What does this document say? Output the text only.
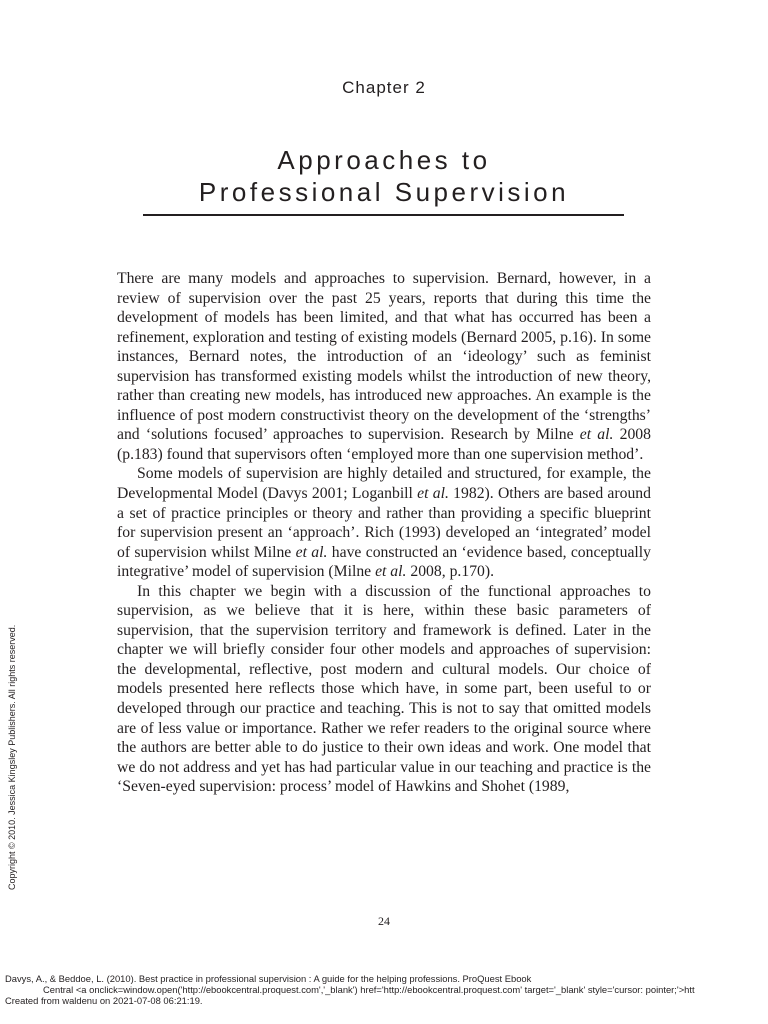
Chapter 2
Approaches to
Professional Supervision

There are many models and approaches to supervision. Bernard, however, in a review of supervision over the past 25 years, reports that during this time the development of models has been limited, and that what has occurred has been a refinement, exploration and testing of existing models (Bernard 2005, p.16). In some instances, Bernard notes, the introduction of an ‘ideology’ such as feminist supervision has transformed existing models whilst the introduction of new theory, rather than creating new models, has introduced new approaches. An example is the influence of post modern constructivist theory on the development of the ‘strengths’ and ‘solutions focused’ approaches to supervision. Research by Milne et al. 2008 (p.183) found that supervisors often ‘employed more than one supervision method’.

Some models of supervision are highly detailed and structured, for example, the Developmental Model (Davys 2001; Loganbill et al. 1982). Others are based around a set of practice principles or theory and rather than providing a specific blueprint for supervision present an ‘approach’. Rich (1993) developed an ‘integrated’ model of supervision whilst Milne et al. have constructed an ‘evidence based, conceptually integrative’ model of supervision (Milne et al. 2008, p.170).

In this chapter we begin with a discussion of the functional approaches to supervision, as we believe that it is here, within these basic parameters of supervision, that the supervision territory and framework is defined. Later in the chapter we will briefly consider four other models and approaches of supervision: the developmental, reflective, post modern and cultural models. Our choice of models presented here reflects those which have, in some part, been useful to or developed through our practice and teaching. This is not to say that omitted models are of less value or importance. Rather we refer readers to the original source where the authors are better able to do justice to their own ideas and work. One model that we do not address and yet has had particular value in our teaching and practice is the ‘Seven-eyed supervision: process’ model of Hawkins and Shohet (1989,

24
Copyright © 2010. Jessica Kingsley Publishers. All rights reserved.
Davys, A., & Beddoe, L. (2010). Best practice in professional supervision : A guide for the helping professions. ProQuest Ebook
Central <a onclick=window.open('http://ebookcentral.proquest.com','_blank') href='http://ebookcentral.proquest.com' target='_blank' style='cursor: pointer;'>htt
Created from waldenu on 2021-07-08 06:21:19.
